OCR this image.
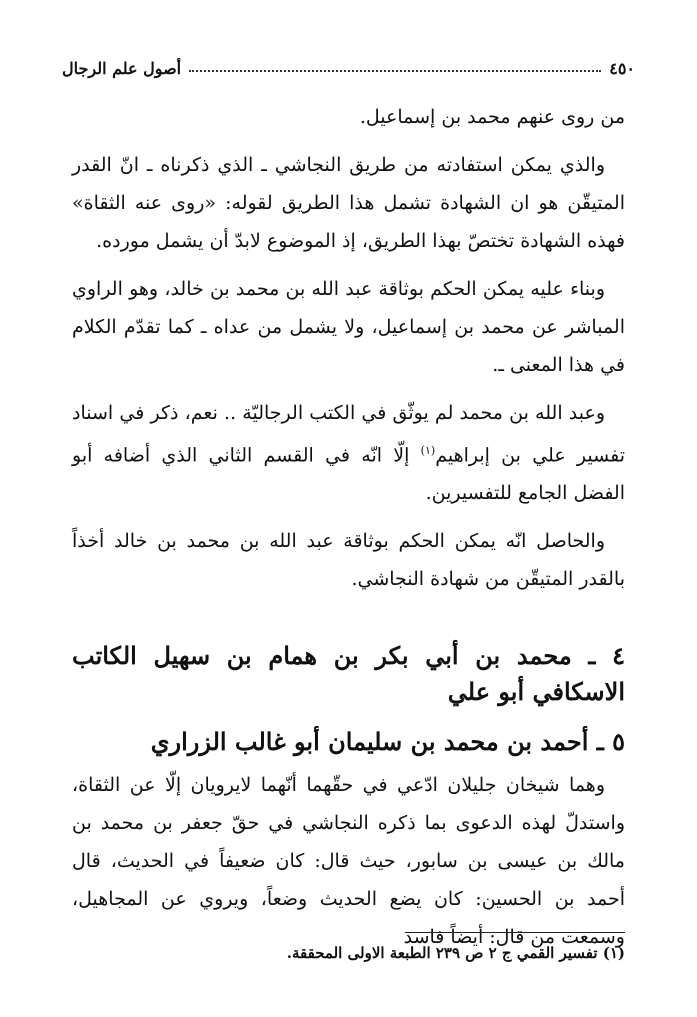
٤٥٠
أصول علم الرجال

من روى عنهم محمد بن إسماعيل.

والذي يمكن استفادته من طريق النجاشي ـ الذي ذكرناه ـ انّ القدر المتيقّن هو ان الشهادة تشمل هذا الطريق لقوله: «روى عنه الثقاة» فهذه الشهادة تختصّ بهذا الطريق، إذ الموضوع لابدّ أن يشمل مورده.

وبناء عليه يمكن الحكم بوثاقة عبد الله بن محمد بن خالد، وهو الراوي المباشر عن محمد بن إسماعيل، ولا يشمل من عداه ـ كما تقدّم الكلام في هذا المعنى ـ.

وعبد الله بن محمد لم يوثّق في الكتب الرجاليّة .. نعم، ذكر في اسناد تفسير علي بن إبراهيم$^{(١)}$ إلّا انّه في القسم الثاني الذي أضافه أبو الفضل الجامع للتفسيرين.

والحاصل انّه يمكن الحكم بوثاقة عبد الله بن محمد بن خالد أخذاً بالقدر المتيقّن من شهادة النجاشي.

٤ ـ محمد بن أبي بكر بن همام بن سهيل الكاتب الاسكافي أبو علي
٥ ـ أحمد بن محمد بن سليمان أبو غالب الزراري

وهما شيخان جليلان ادّعي في حقّهما أنّهما لايرويان إلّا عن الثقاة، واستدلّ لهذه الدعوى بما ذكره النجاشي في حقّ جعفر بن محمد بن مالك بن عيسى بن سابور، حيث قال: كان ضعيفاً في الحديث، قال أحمد بن الحسين: كان يضع الحديث وضعاً، ويروي عن المجاهيل، وسمعت من قال: أيضاً فاسد

(١) تفسير القمي ج ٢ ص ٢٣٩ الطبعة الاولى المحققة.
